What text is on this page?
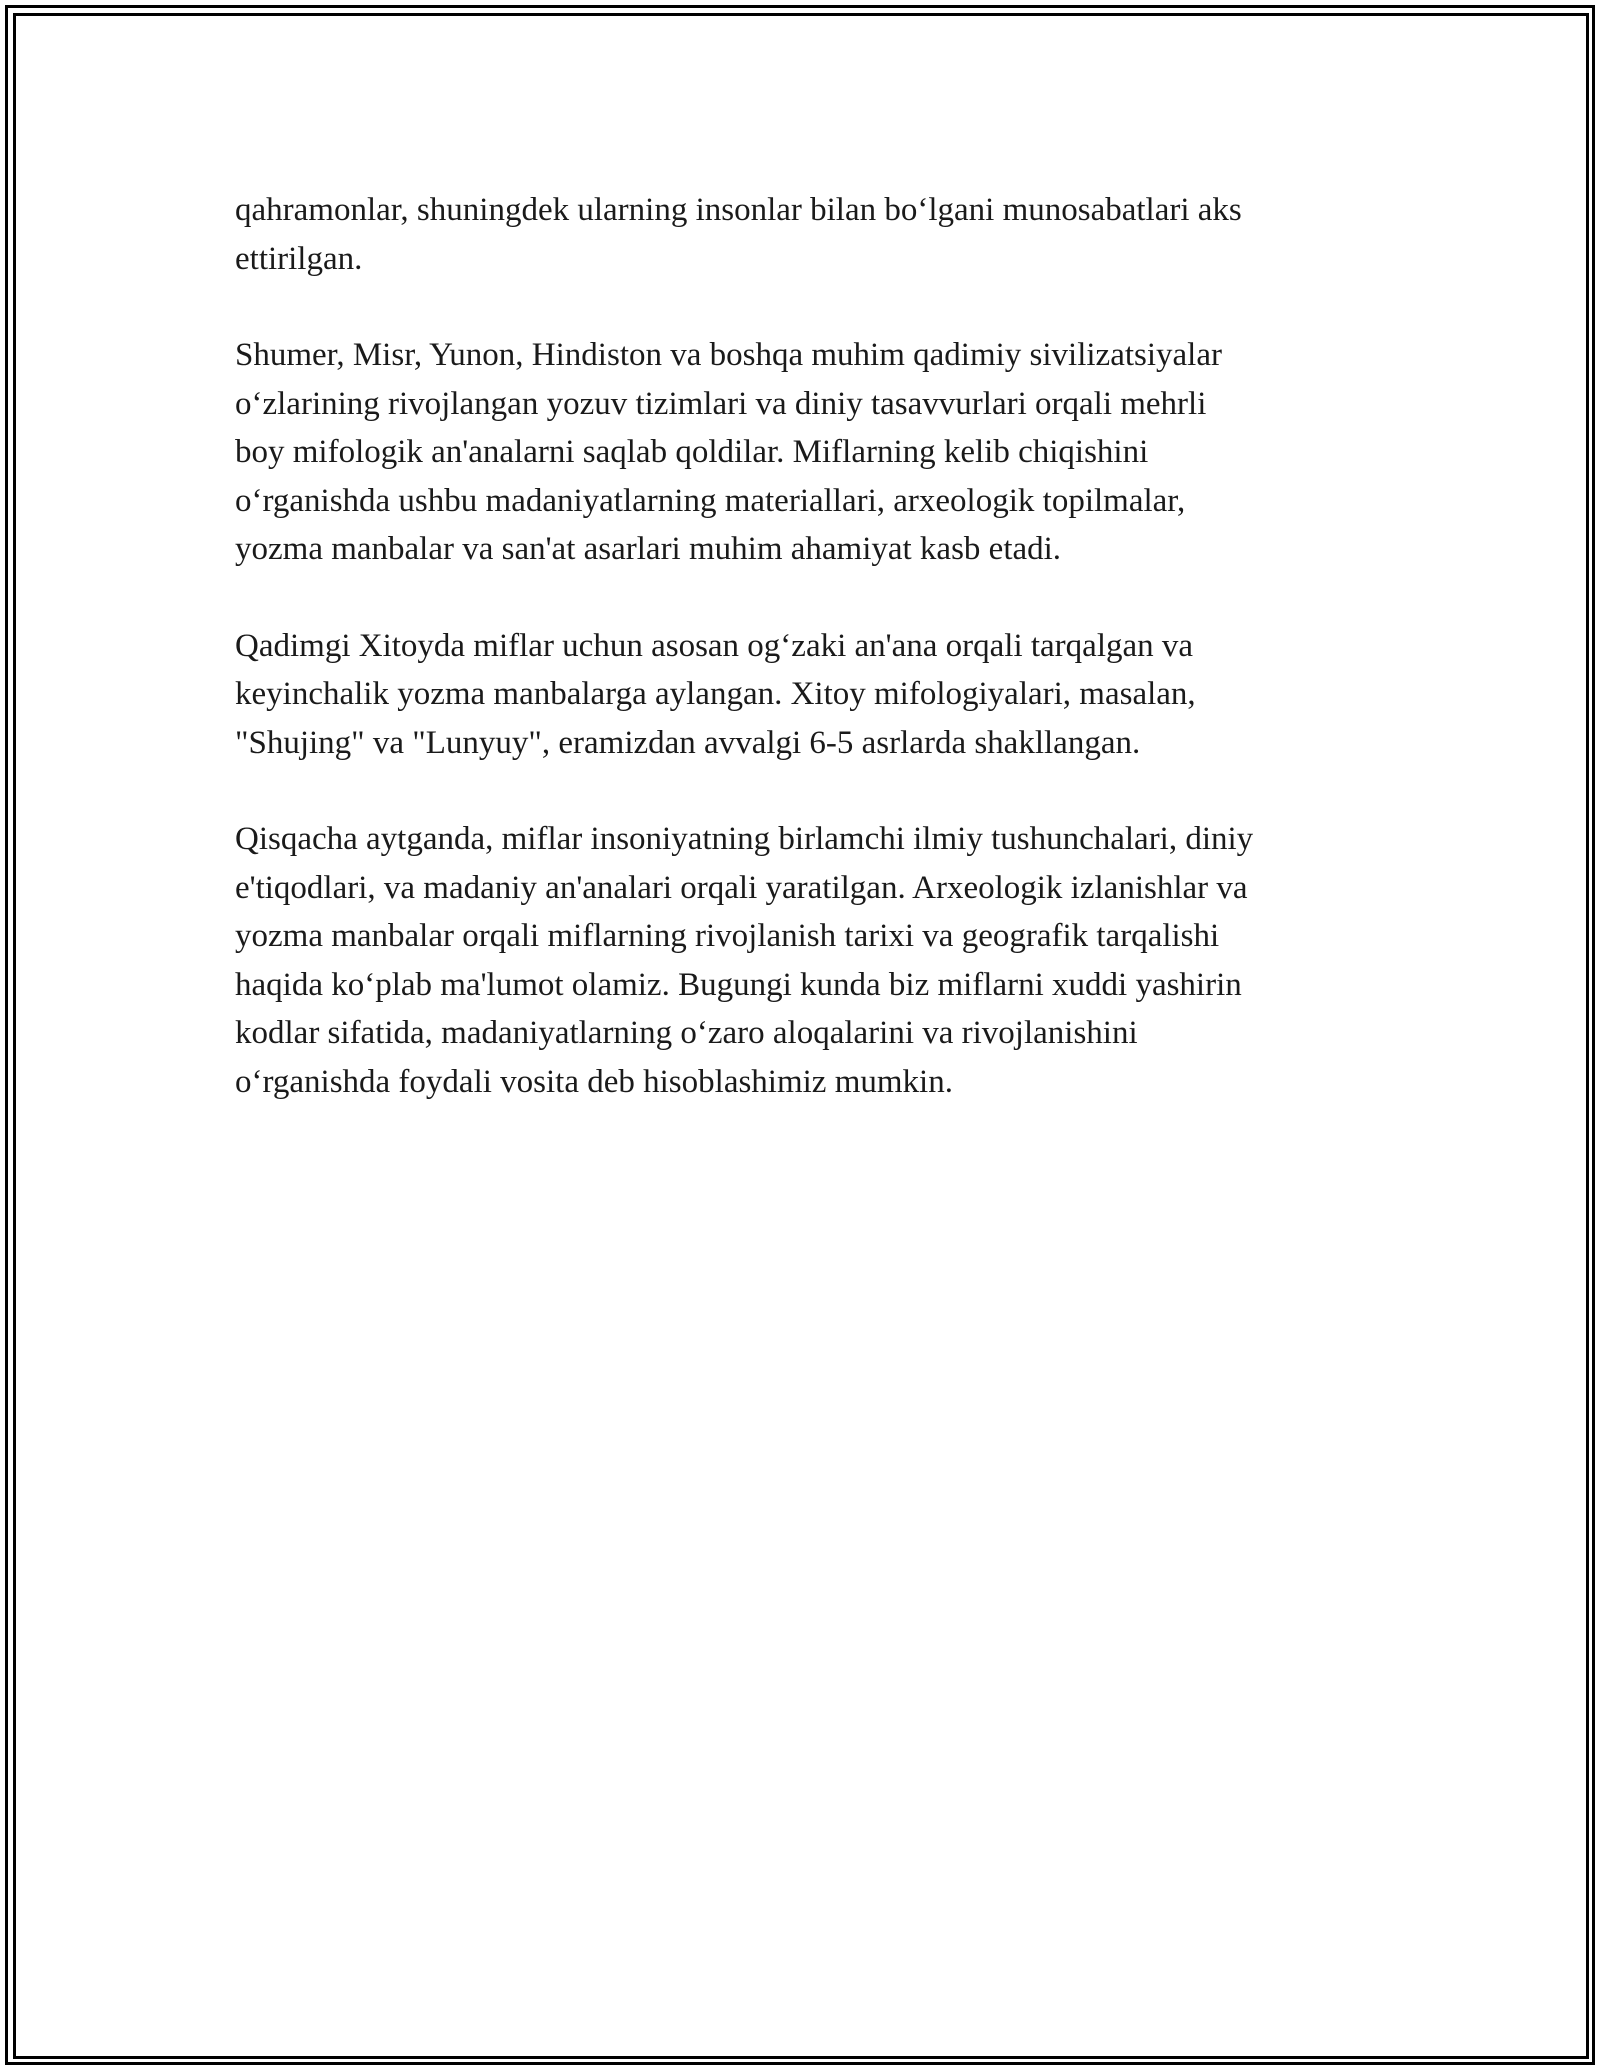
qahramonlar, shuningdek ularning insonlar bilan bo‘lgani munosabatlari aks
ettirilgan.

Shumer, Misr, Yunon, Hindiston va boshqa muhim qadimiy sivilizatsiyalar
o‘zlarining rivojlangan yozuv tizimlari va diniy tasavvurlari orqali mehrli
boy mifologik an'analarni saqlab qoldilar. Miflarning kelib chiqishini
o‘rganishda ushbu madaniyatlarning materiallari, arxeologik topilmalar,
yozma manbalar va san'at asarlari muhim ahamiyat kasb etadi.

Qadimgi Xitoyda miflar uchun asosan og‘zaki an'ana orqali tarqalgan va
keyinchalik yozma manbalarga aylangan. Xitoy mifologiyalari, masalan,
"Shujing" va "Lunyuy", eramizdan avvalgi 6-5 asrlarda shakllangan.

Qisqacha aytganda, miflar insoniyatning birlamchi ilmiy tushunchalari, diniy
e'tiqodlari, va madaniy an'analari orqali yaratilgan. Arxeologik izlanishlar va
yozma manbalar orqali miflarning rivojlanish tarixi va geografik tarqalishi
haqida ko‘plab ma'lumot olamiz. Bugungi kunda biz miflarni xuddi yashirin
kodlar sifatida, madaniyatlarning o‘zaro aloqalarini va rivojlanishini
o‘rganishda foydali vosita deb hisoblashimiz mumkin.
